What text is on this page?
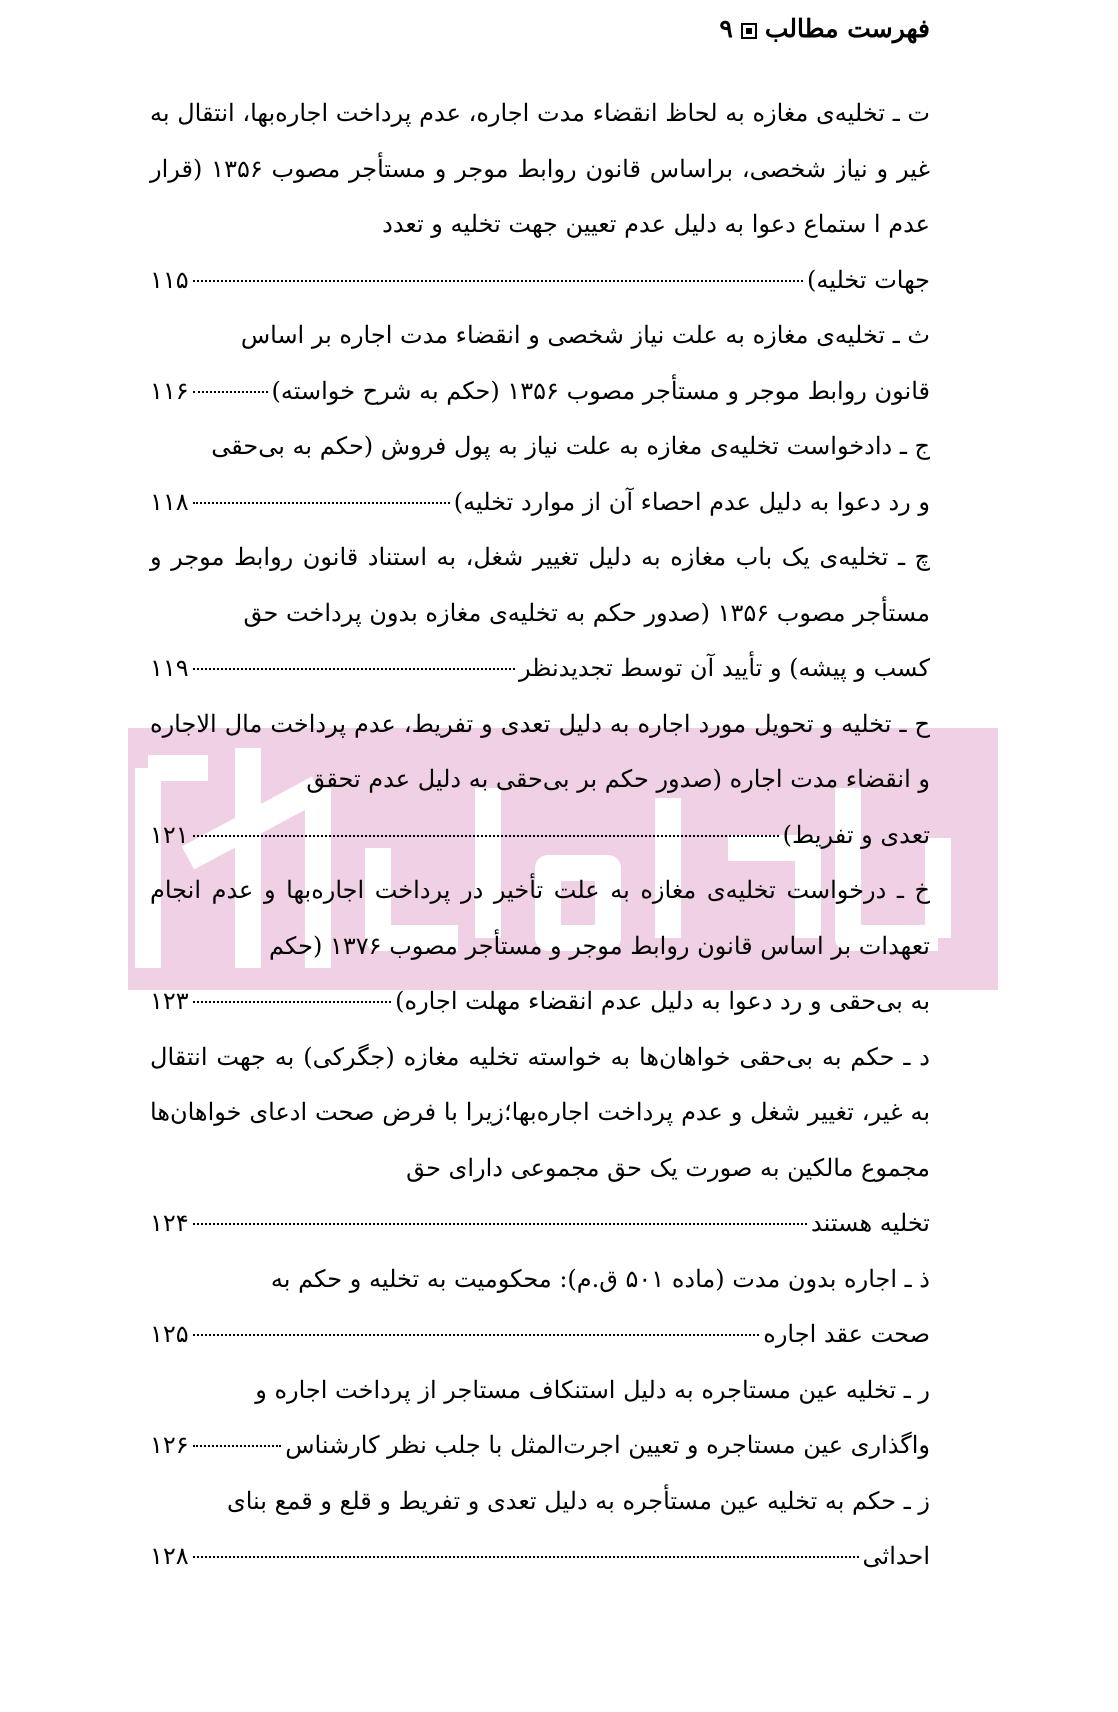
فهرست مطالب۹
ت ـ تخلیه‌ی مغازه به لحاظ انقضاء مدت اجاره، عدم پرداخت اجاره‌بها، انتقال به غیر و نیاز شخصی، براساس قانون روابط موجر و مستأجر مصوب ۱۳۵۶ (قرار عدم ا ستماع دعوا به دلیل عدم تعیین جهت تخلیه و تعدد
جهات تخلیه)
۱۱۵
ث ـ تخلیه‌ی مغازه به علت نیاز شخصی و انقضاء مدت اجاره بر اساس
قانون روابط موجر و مستأجر مصوب ۱۳۵۶ (حکم به شرح خواسته)
۱۱۶
ج ـ دادخواست تخلیه‌ی مغازه به علت نیاز به پول فروش (حکم به بی‌حقی
و رد دعوا به دلیل عدم احصاء آن از موارد تخلیه)
۱۱۸
چ ـ تخلیه‌ی یک باب مغازه به دلیل تغییر شغل، به استناد قانون روابط موجر و مستأجر مصوب ۱۳۵۶ (صدور حکم به تخلیه‌ی مغازه بدون پرداخت حق
کسب و پیشه) و تأیید آن توسط تجدیدنظر
۱۱۹
ح ـ تخلیه و تحویل مورد اجاره به دلیل تعدی و تفریط، عدم پرداخت مال الاجاره و انقضاء مدت اجاره (صدور حکم بر بی‌حقی به دلیل عدم تحقق
تعدی و تفریط)
۱۲۱
خ ـ درخواست تخلیه‌ی مغازه به علت تأخیر در پرداخت اجاره‌بها و عدم انجام تعهدات بر اساس قانون روابط موجر و مستأجر مصوب ۱۳۷۶ (حکم
به بی‌حقی و رد دعوا به دلیل عدم انقضاء مهلت اجاره)
۱۲۳
د ـ حکم به بی‌حقی خواهان‌ها به خواسته تخلیه مغازه (جگرکی) به جهت انتقال به غیر، تغییر شغل و عدم پرداخت اجاره‌بها؛زیرا با فرض صحت ادعای خواهان‌ها مجموع مالکین به صورت یک حق مجموعی دارای حق
تخلیه هستند
۱۲۴
ذ ـ اجاره بدون مدت (ماده ۵۰۱ ق.م): محکومیت به تخلیه و حکم به
صحت عقد اجاره
۱۲۵
ر ـ تخلیه عین مستاجره به دلیل استنکاف مستاجر از پرداخت اجاره و
واگذاری عین مستاجره و تعیین اجرت‌المثل با جلب نظر کارشناس
۱۲۶
ز ـ حکم به تخلیه عین مستأجره به دلیل تعدی و تفریط و قلع و قمع بنای
احداثی
۱۲۸
